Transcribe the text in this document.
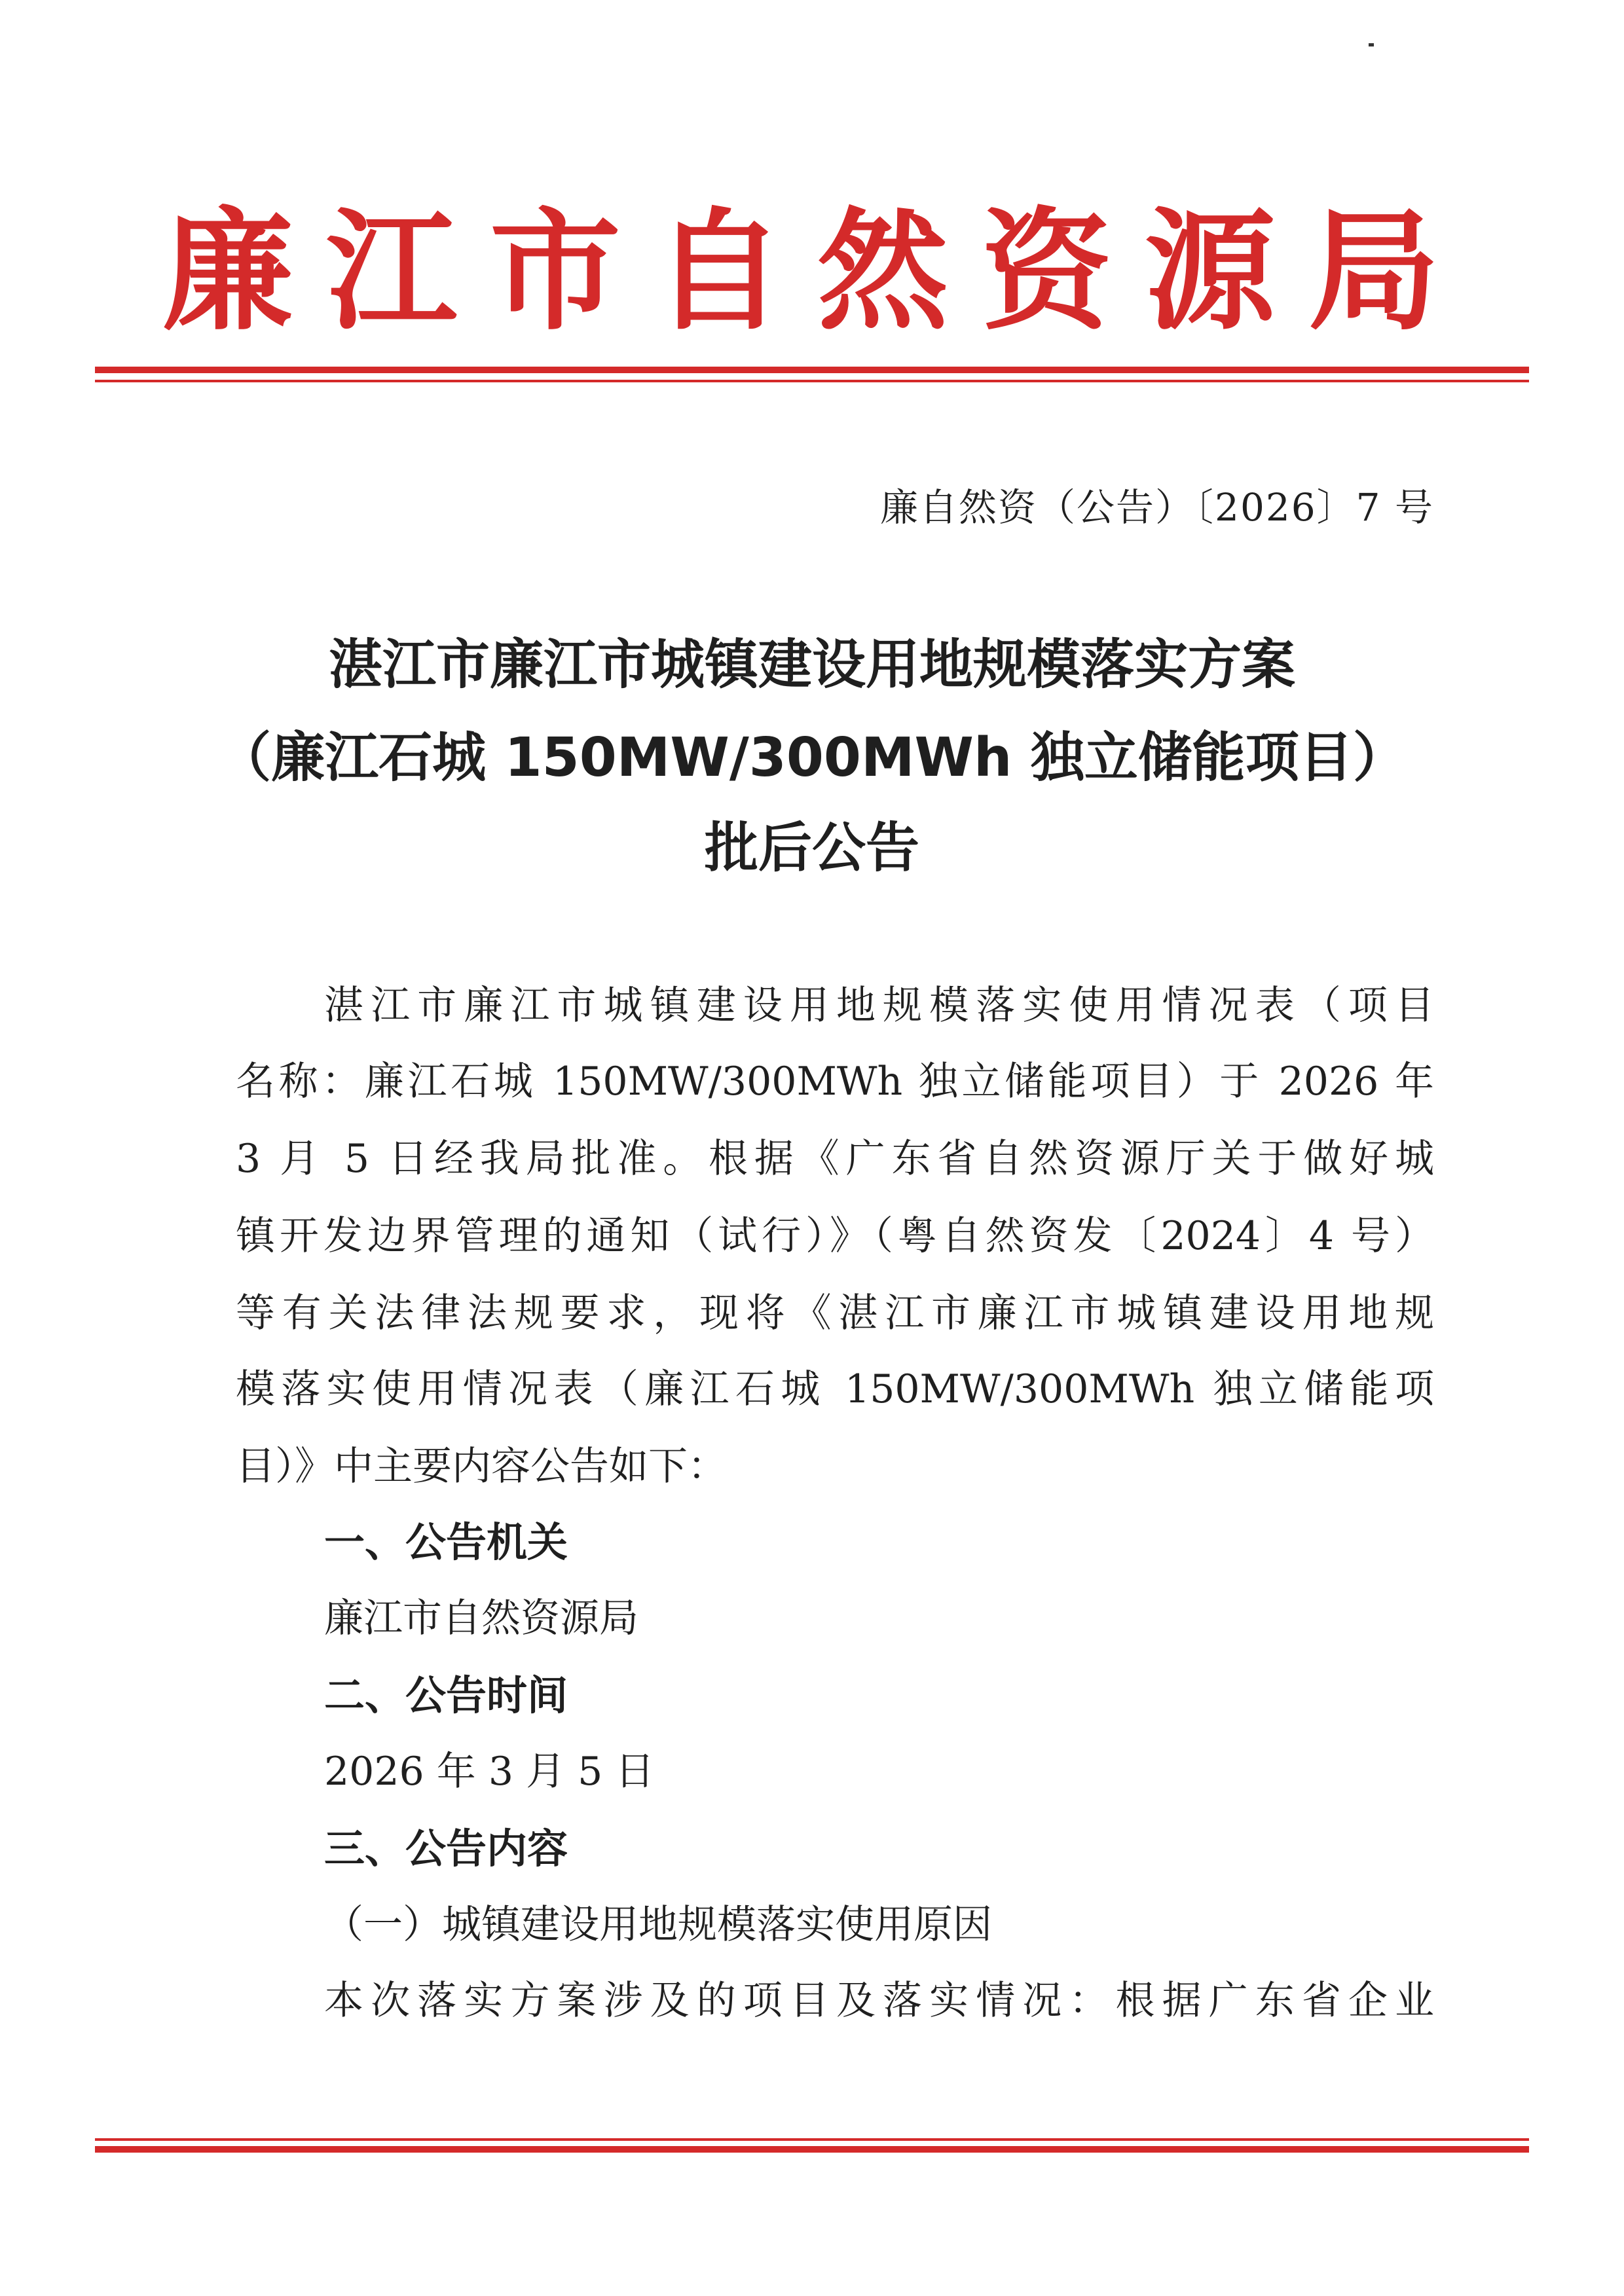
廉 江 市 自 然 资 源 局
廉自然资（公告）〔2026〕7 号
湛江市廉江市城镇建设用地规模落实方案
（廉江石城 150MW/300MWh 独立储能项目）
批后公告
湛江市廉江市城镇建设用地规模落实使用情况表（项目
名称：廉江石城 150MW/300MWh 独立储能项目）于 2026 年
3 月 5 日经我局批准。根据《广东省自然资源厅关于做好城
镇开发边界管理的通知（试行）》（粤自然资发〔2024〕4 号）
等有关法律法规要求，现将《湛江市廉江市城镇建设用地规
模落实使用情况表（廉江石城 150MW/300MWh 独立储能项
目）》中主要内容公告如下：
一、公告机关
廉江市自然资源局
二、公告时间
2026 年 3 月 5 日
三、公告内容
（一）城镇建设用地规模落实使用原因
本次落实方案涉及的项目及落实情况：根据广东省企业
